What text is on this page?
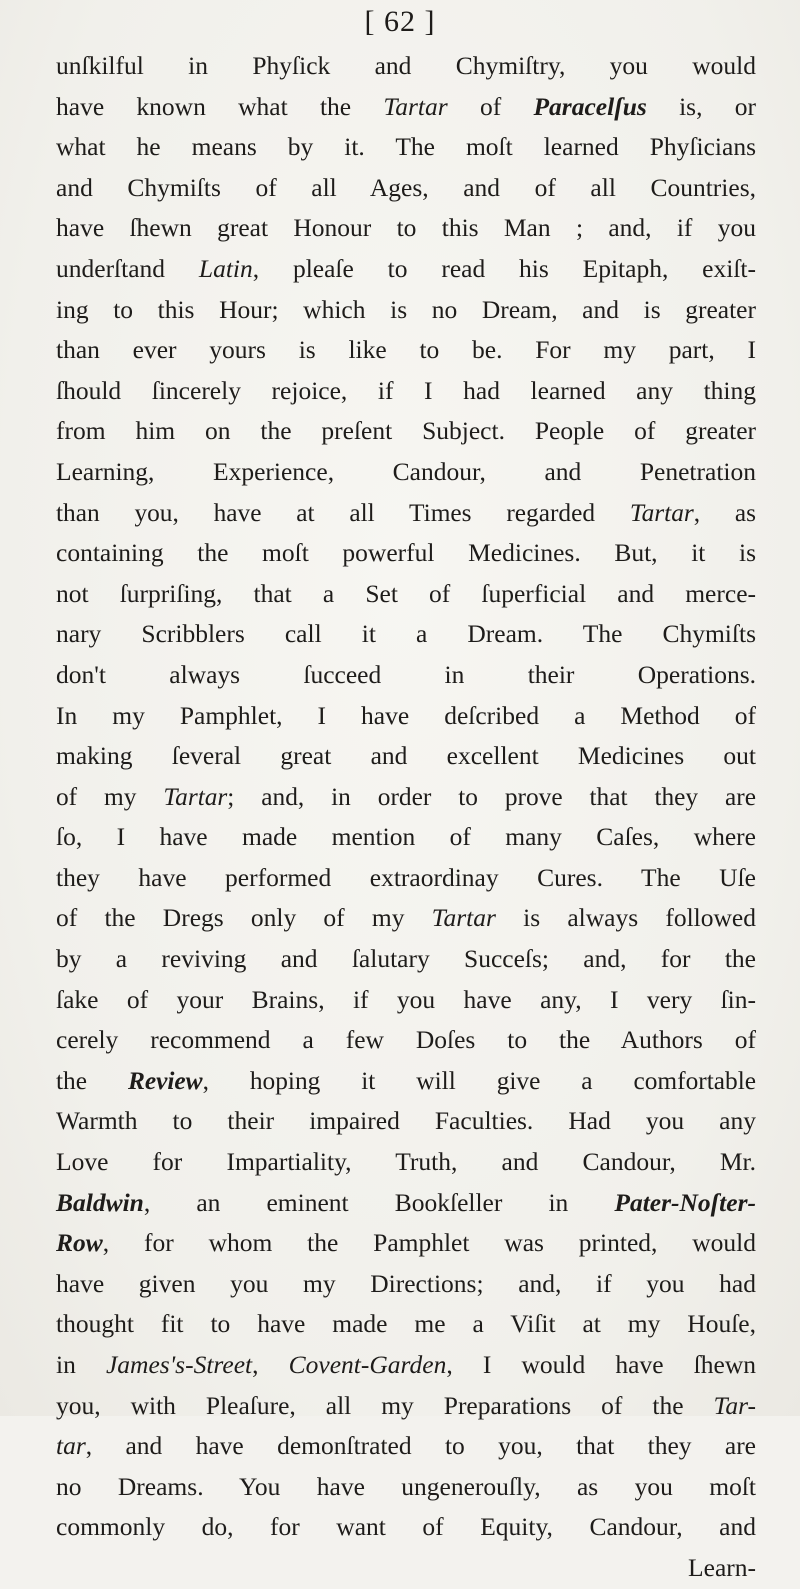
[ 62 ]
unſkilful in Phyſick and Chymiſtry, you would
have known what the Tartar of Paracelſus is, or
what he means by it. The moſt learned Phyſicians
and Chymiſts of all Ages, and of all Countries,
have ſhewn great Honour to this Man ; and, if you
underſtand Latin, pleaſe to read his Epitaph, exiſt-
ing to this Hour; which is no Dream, and is greater
than ever yours is like to be. For my part, I
ſhould ſincerely rejoice, if I had learned any thing
from him on the preſent Subject. People of greater
Learning, Experience, Candour, and Penetration
than you, have at all Times regarded Tartar, as
containing the moſt powerful Medicines. But, it is
not ſurpriſing, that a Set of ſuperficial and merce-
nary Scribblers call it a Dream. The Chymiſts
don't always ſucceed in their Operations.
In my Pamphlet, I have deſcribed a Method of
making ſeveral great and excellent Medicines out
of my Tartar; and, in order to prove that they are
ſo, I have made mention of many Caſes, where
they have performed extraordinay Cures. The Uſe
of the Dregs only of my Tartar is always followed
by a reviving and ſalutary Succeſs; and, for the
ſake of your Brains, if you have any, I very ſin-
cerely recommend a few Doſes to the Authors of
the Review, hoping it will give a comfortable
Warmth to their impaired Faculties. Had you any
Love for Impartiality, Truth, and Candour, Mr.
Baldwin, an eminent Bookſeller in Pater-Noſter-
Row, for whom the Pamphlet was printed, would
have given you my Directions; and, if you had
thought fit to have made me a Viſit at my Houſe,
in James's-Street, Covent-Garden, I would have ſhewn
you, with Pleaſure, all my Preparations of the Tar-
tar, and have demonſtrated to you, that they are
no Dreams. You have ungenerouſly, as you moſt
commonly do, for want of Equity, Candour, and
Learn-
